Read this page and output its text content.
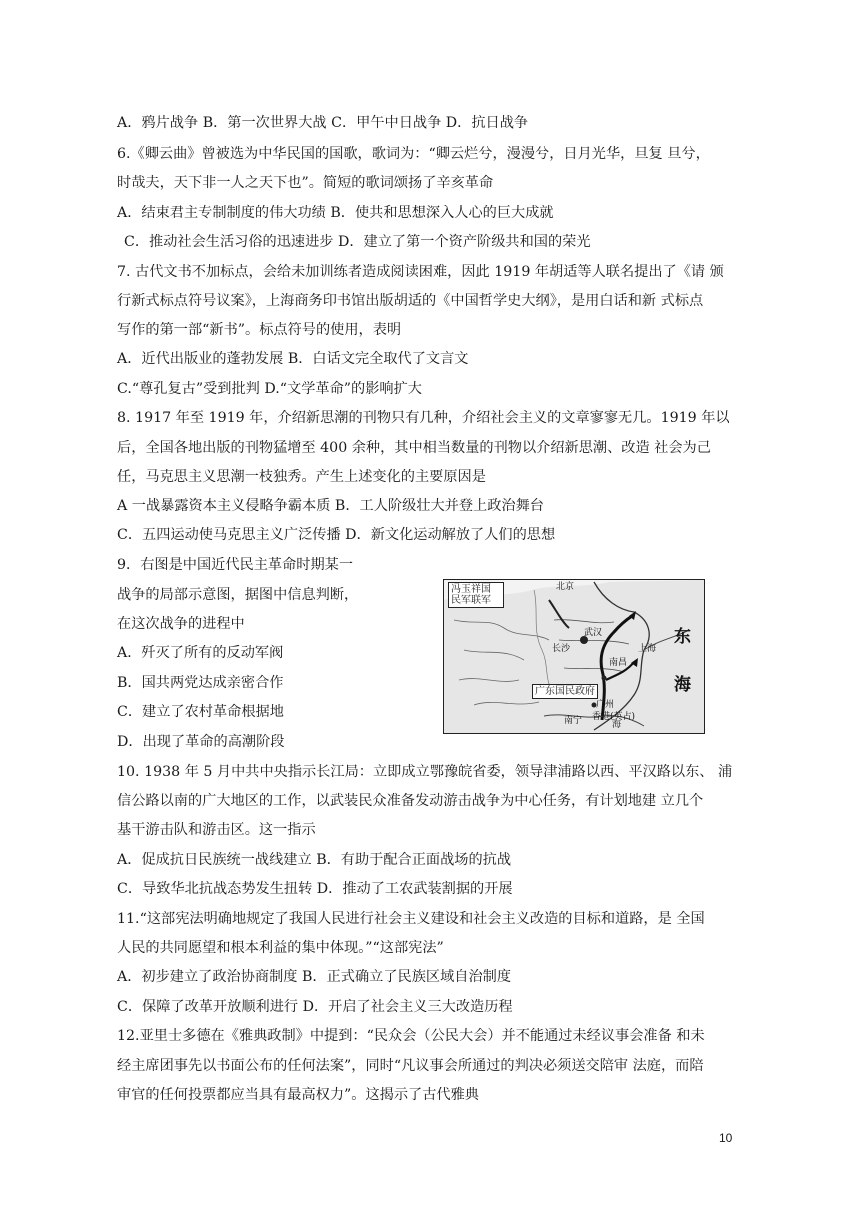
A．鸦片战争 B．第一次世界大战 C．甲午中日战争 D．抗日战争
6.《卿云曲》曾被选为中华民国的国歌，歌词为：“卿云烂兮，漫漫兮，日月光华，旦复 旦兮，
时哉夫，天下非一人之天下也”。简短的歌词颂扬了辛亥革命
A．结束君主专制制度的伟大功绩 B．使共和思想深入人心的巨大成就
C．推动社会生活习俗的迅速进步 D．建立了第一个资产阶级共和国的荣光
7. 古代文书不加标点，会给未加训练者造成阅读困难，因此 1919 年胡适等人联名提出了《请 颁
行新式标点符号议案》，上海商务印书馆出版胡适的《中国哲学史大纲》，是用白话和新 式标点
写作的第一部“新书”。标点符号的使用，表明
A．近代出版业的蓬勃发展 B．白话文完全取代了文言文
C.“尊孔复古”受到批判 D.“文学革命”的影响扩大
8. 1917 年至 1919 年，介绍新思潮的刊物只有几种，介绍社会主义的文章寥寥无几。1919 年以
后，全国各地出版的刊物猛增至 400 余种，其中相当数量的刊物以介绍新思潮、改造 社会为己
任，马克思主义思潮一枝独秀。产生上述变化的主要原因是
A 一战暴露资本主义侵略争霸本质 B．工人阶级壮大并登上政治舞台
C．五四运动使马克思主义广泛传播 D．新文化运动解放了人们的思想
9．右图是中国近代民主革命时期某一
战争的局部示意图，据图中信息判断，
在这次战争的进程中
A．歼灭了所有的反动军阀
B．国共两党达成亲密合作
C．建立了农村革命根据地
D．出现了革命的高潮阶段
10. 1938 年 5 月中共中央指示长江局：立即成立鄂豫皖省委，领导津浦路以西、平汉路以东、 浦
信公路以南的广大地区的工作，以武装民众准备发动游击战争为中心任务，有计划地建 立几个
基干游击队和游击区。这一指示
A．促成抗日民族统一战线建立 B．有助于配合正面战场的抗战
C．导致华北抗战态势发生扭转 D．推动了工农武装割据的开展
11.“这部宪法明确地规定了我国人民进行社会主义建设和社会主义改造的目标和道路，是 全国
人民的共同愿望和根本利益的集中体现。”“这部宪法”
A．初步建立了政治协商制度 B．正式确立了民族区域自治制度
C．保障了改革开放顺利进行 D．开启了社会主义三大改造历程
12.亚里士多德在《雅典政制》中提到：“民众会（公民大会）并不能通过未经议事会准备 和未
经主席团事先以书面公布的任何法案”，同时“凡议事会所通过的判决必须送交陪审 法庭，而陪
审官的任何投票都应当具有最高权力”。这揭示了古代雅典
冯玉祥国
民军联军
广东国民政府
北京
武汉
长沙
南昌
上海
广州
香港(英占)
南宁
东
海
海
10
